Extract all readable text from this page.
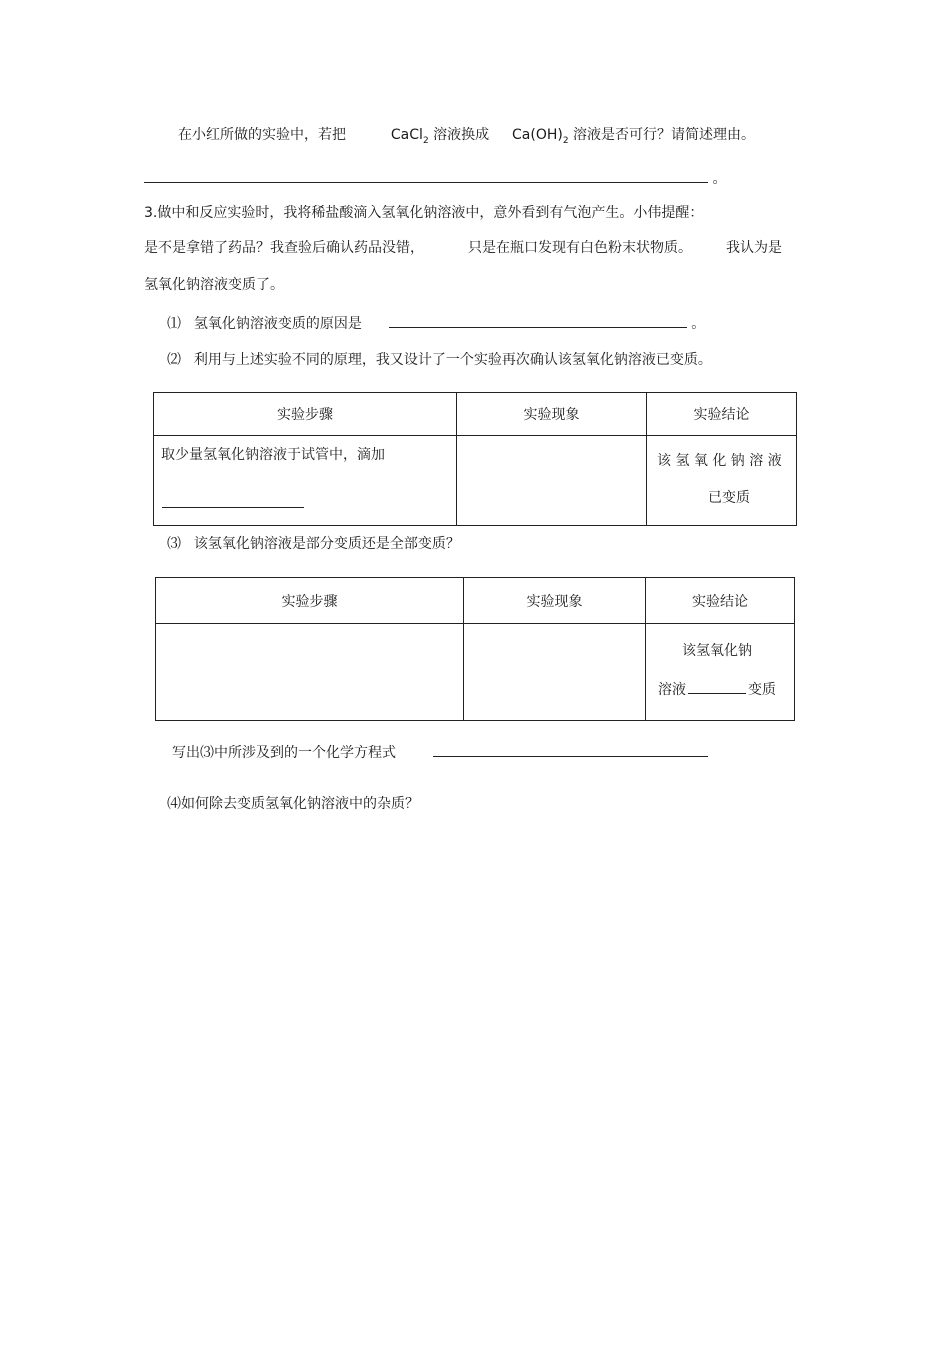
在小红所做的实验中，若把	CaCl$_2$ 溶液换成 $Ca(OH)_2$ 溶液是否可行？请简述理由。
。
3.做中和反应实验时，我将稀盐酸滴入氢氧化钠溶液中，意外看到有气泡产生。小伟提醒：
是不是拿错了药品？我查验后确认药品没错，	只是在瓶口发现有白色粉末状物质。 我认为是
氢氧化钠溶液变质了。
⑴ 氢氧化钠溶液变质的原因是	。
⑵ 利用与上述实验不同的原理，我又设计了一个实验再次确认该氢氧化钠溶液已变质。
实验步骤	实验现象	实验结论

取少量氢氧化钠溶液于试管中，滴加		该 氢 氧 化 钠 溶 液
已变质
⑶ 该氢氧化钠溶液是部分变质还是全部变质？
实验步骤	实验现象	实验结论

		该氢氧化钠
溶液 变质
写出⑶中所涉及到的一个化学方程式
⑷如何除去变质氢氧化钠溶液中的杂质？
